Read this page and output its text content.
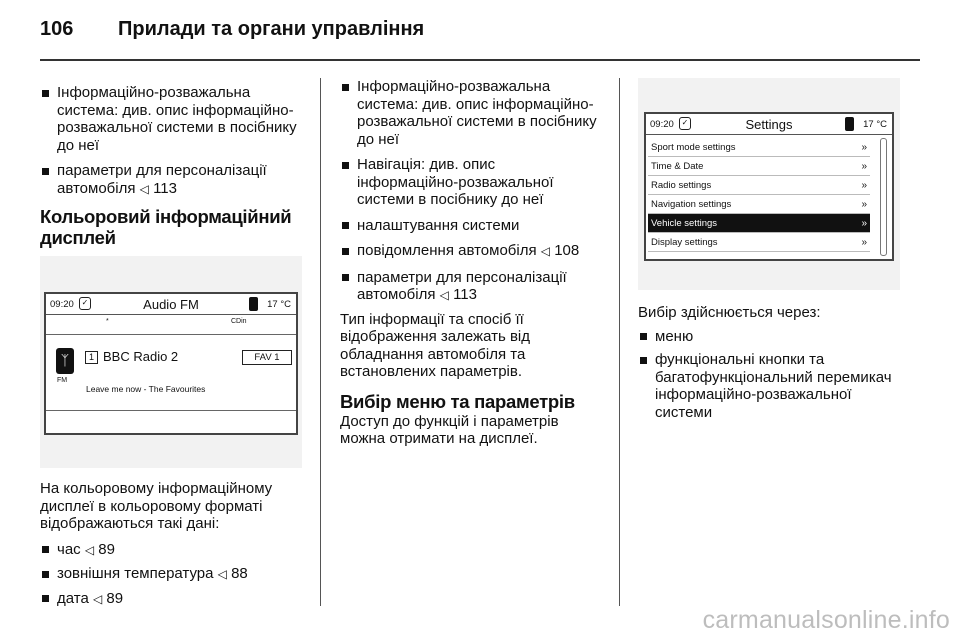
106 Прилади та органи управління
Інформаційно-розважальна система: див. опис інформаційно-розважальної системи в посібнику до неї
параметри для персоналізації автомобіля ◁ 113
Кольоровий інформаційний дисплей
09:20 ✓	Audio FM	17 °C
*	CDin
ᛉ
FM
1 BBC Radio 2	FAV 1
Leave me now - The Favourites

На кольоровому інформаційному дисплеї в кольоровому форматі відображаються такі дані:

час ◁ 89
зовнішня температура ◁ 88
дата ◁ 89
Інформаційно-розважальна система: див. опис інформаційно-розважальної системи в посібнику до неї
Навігація: див. опис інформаційно-розважальної системи в посібнику до неї
налаштування системи
повідомлення автомобіля ◁ 108
параметри для персоналізації автомобіля ◁ 113

Тип інформації та спосіб її відображення залежать від обладнання автомобіля та встановлених параметрів.

Вибір меню та параметрів

Доступ до функцій і параметрів можна отримати на дисплеї.

09:20 ✓	Settings	17 °C
Sport mode settings	»
Time & Date	»
Radio settings	»
Navigation settings	»
Vehicle settings	»
Display settings	»

Вибір здійснюється через:

меню
функціональні кнопки та багатофункціональний перемикач інформаційно-розважальної системи
carmanualsonline.info
